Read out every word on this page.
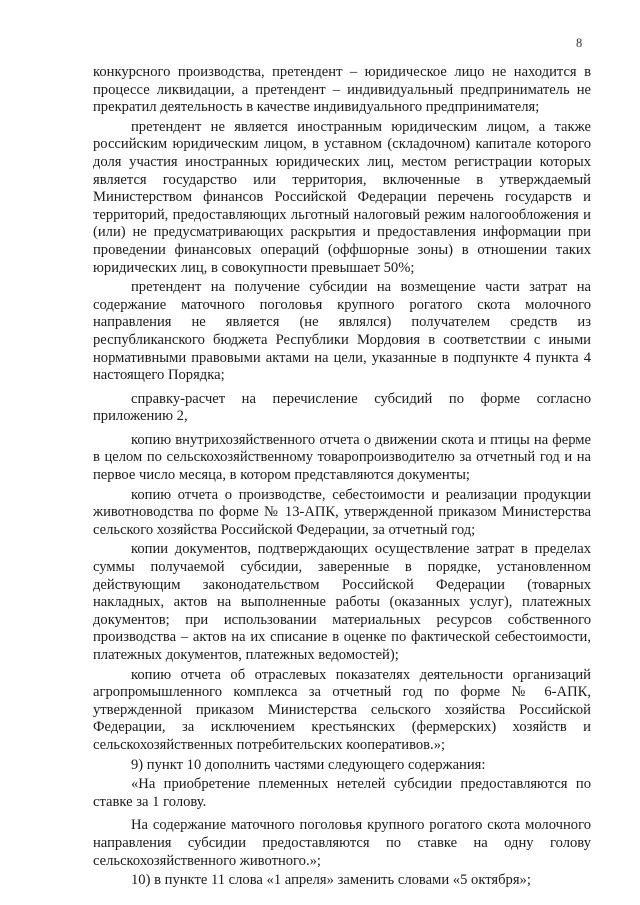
8

конкурсного производства, претендент – юридическое лицо не находится в процессе ликвидации, а претендент – индивидуальный предприниматель не прекратил деятельность в качестве индивидуального предпринимателя;

претендент не является иностранным юридическим лицом, а также российским юридическим лицом, в уставном (складочном) капитале которого доля участия иностранных юридических лиц, местом регистрации которых является государство или территория, включенные в утверждаемый Министерством финансов Российской Федерации перечень государств и территорий, предоставляющих льготный налоговый режим налогообложения и (или) не предусматривающих раскрытия и предоставления информации при проведении финансовых операций (оффшорные зоны) в отношении таких юридических лиц, в совокупности превышает 50%;

претендент на получение субсидии на возмещение части затрат на содержание маточного поголовья крупного рогатого скота молочного направления не является (не являлся) получателем средств из республиканского бюджета Республики Мордовия в соответствии с иными нормативными правовыми актами на цели, указанные в подпункте 4 пункта 4 настоящего Порядка;

справку-расчет на перечисление субсидий по форме согласно приложению 2,

копию внутрихозяйственного отчета о движении скота и птицы на ферме в целом по сельскохозяйственному товаропроизводителю за отчетный год и на первое число месяца, в котором представляются документы;

копию отчета о производстве, себестоимости и реализации продукции животноводства по форме № 13-АПК, утвержденной приказом Министерства сельского хозяйства Российской Федерации, за отчетный год;

копии документов, подтверждающих осуществление затрат в пределах суммы получаемой субсидии, заверенные в порядке, установленном действующим законодательством Российской Федерации (товарных накладных, актов на выполненные работы (оказанных услуг), платежных документов; при использовании материальных ресурсов собственного производства – актов на их списание в оценке по фактической себестоимости, платежных документов, платежных ведомостей);

копию отчета об отраслевых показателях деятельности организаций агропромышленного комплекса за отчетный год по форме № 6-АПК, утвержденной приказом Министерства сельского хозяйства Российской Федерации, за исключением крестьянских (фермерских) хозяйств и сельскохозяйственных потребительских кооперативов.»;

9) пункт 10 дополнить частями следующего содержания:

«На приобретение племенных нетелей субсидии предоставляются по ставке за 1 голову.

На содержание маточного поголовья крупного рогатого скота молочного направления субсидии предоставляются по ставке на одну голову сельскохозяйственного животного.»;

10) в пункте 11 слова «1 апреля» заменить словами «5 октября»;
